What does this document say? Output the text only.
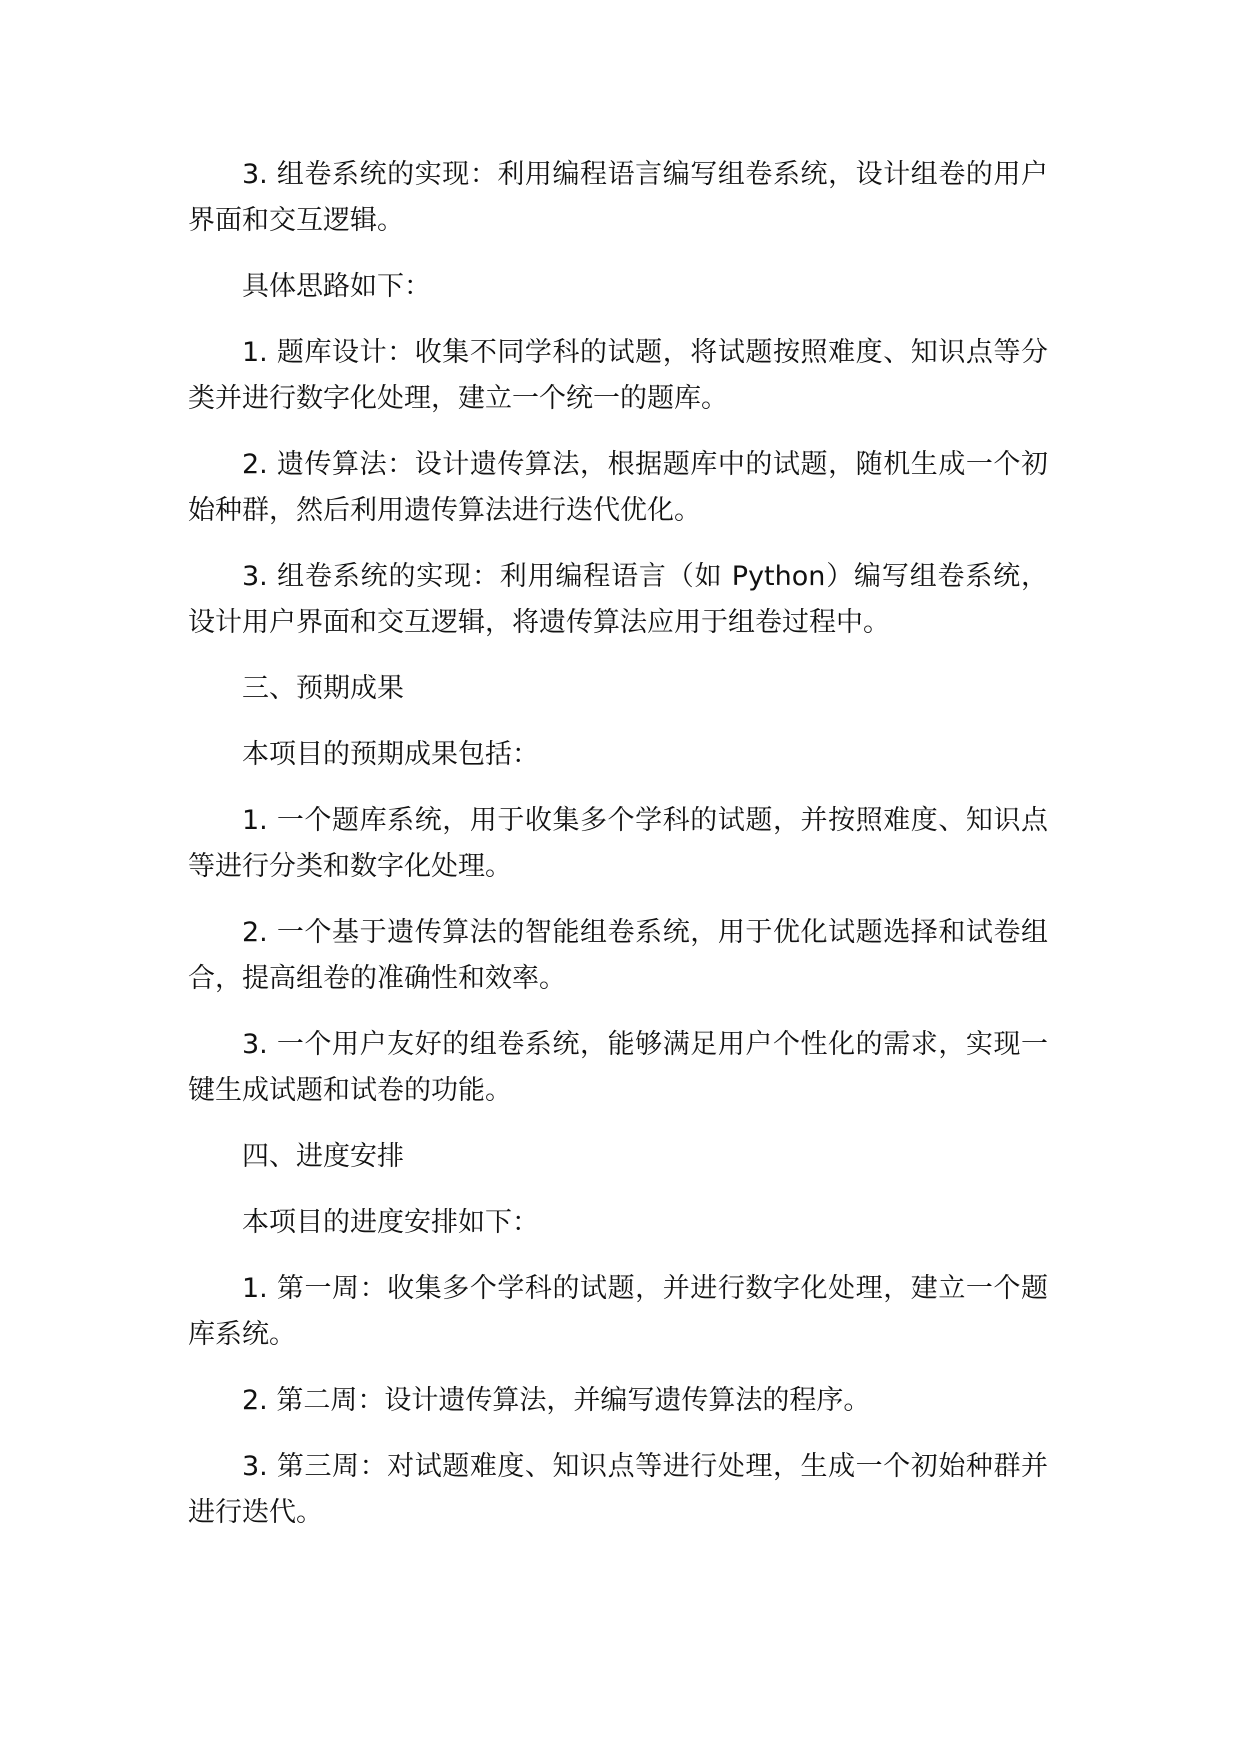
3. 组卷系统的实现：利用编程语言编写组卷系统，设计组卷的用户界面和交互逻辑。

具体思路如下：

1. 题库设计：收集不同学科的试题，将试题按照难度、知识点等分类并进行数字化处理，建立一个统一的题库。

2. 遗传算法：设计遗传算法，根据题库中的试题，随机生成一个初始种群，然后利用遗传算法进行迭代优化。

3. 组卷系统的实现：利用编程语言（如 Python）编写组卷系统，设计用户界面和交互逻辑，将遗传算法应用于组卷过程中。

三、预期成果

本项目的预期成果包括：

1. 一个题库系统，用于收集多个学科的试题，并按照难度、知识点等进行分类和数字化处理。

2. 一个基于遗传算法的智能组卷系统，用于优化试题选择和试卷组合，提高组卷的准确性和效率。

3. 一个用户友好的组卷系统，能够满足用户个性化的需求，实现一键生成试题和试卷的功能。

四、进度安排

本项目的进度安排如下：

1. 第一周：收集多个学科的试题，并进行数字化处理，建立一个题库系统。

2. 第二周：设计遗传算法，并编写遗传算法的程序。

3. 第三周：对试题难度、知识点等进行处理，生成一个初始种群并进行迭代。
